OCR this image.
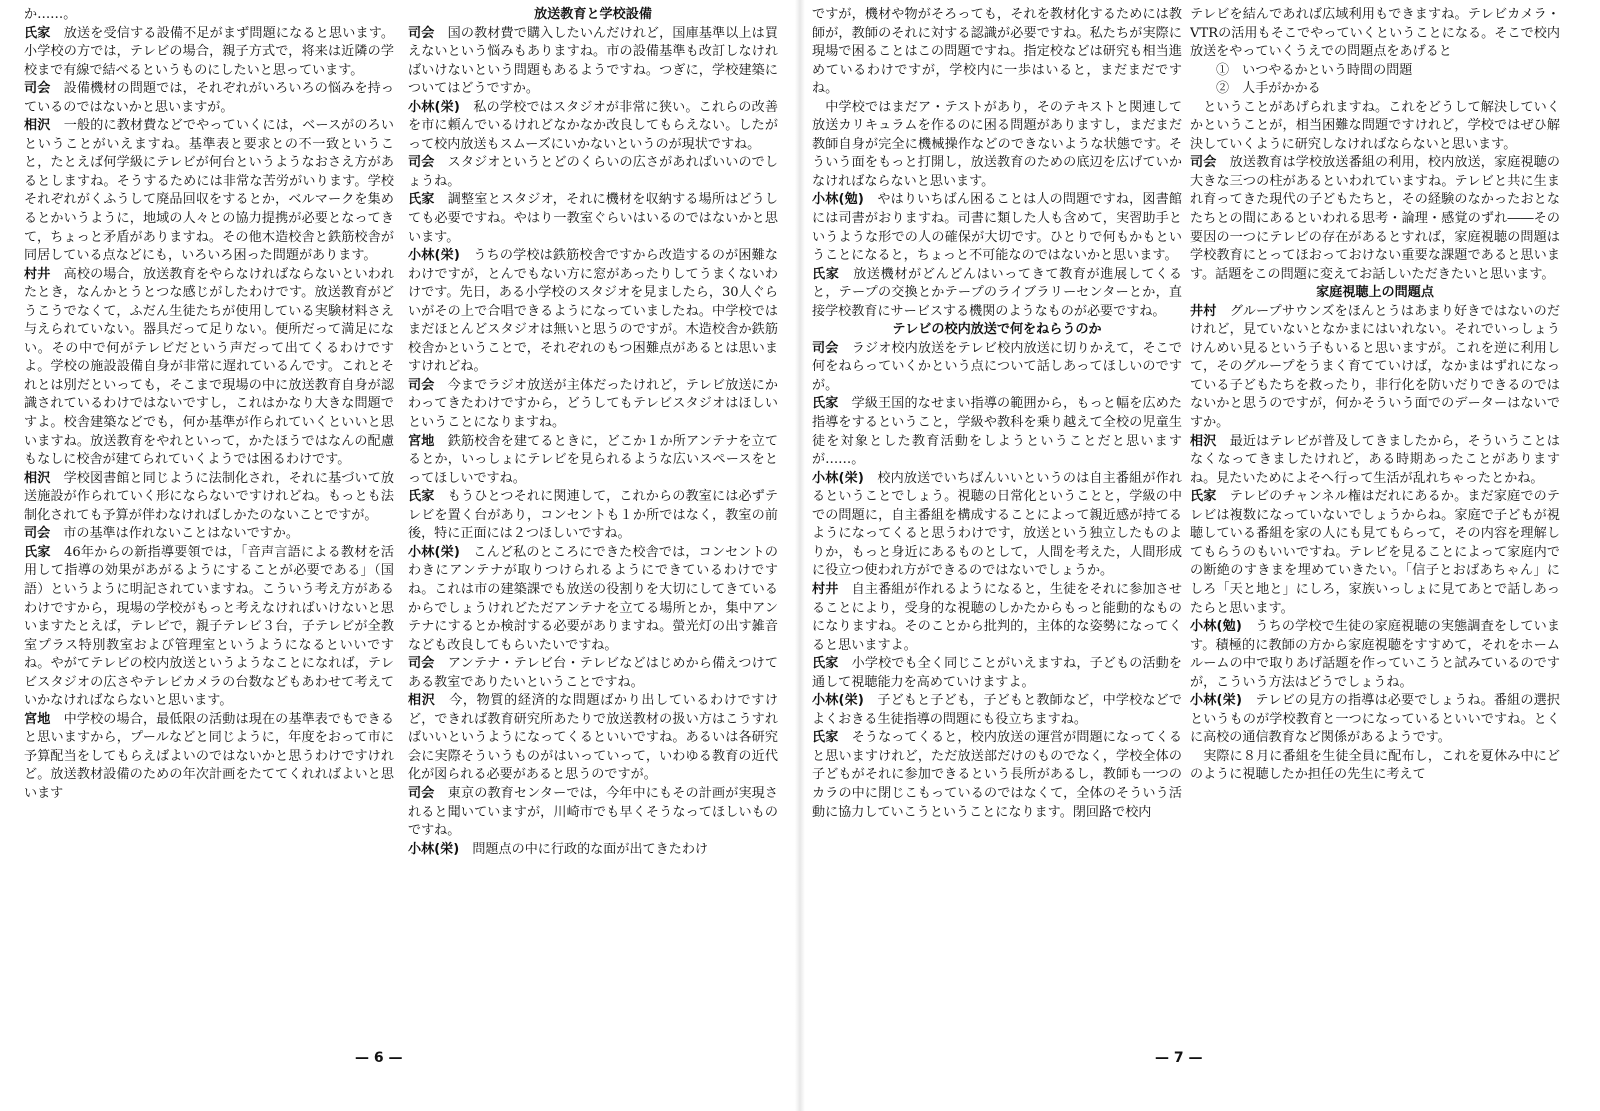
か……。

氏家　 放送を受信する設備不足がまず問題になると思います。小学校の方では，テレビの場合，親子方式で，将来は近隣の学校まで有線で結べるというものにしたいと思っています。

司会　 設備機材の問題では，それぞれがいろいろの悩みを持っているのではないかと思いますが。

相沢　 一般的に教材費などでやっていくには，ベースがのろいということがいえますね。基準表と要求との不一致ということ，たとえば何学級にテレビが何台というようなおさえ方があるとしますね。そうするためには非常な苦労がいります。学校それぞれがくふうして廃品回収をするとか，ベルマークを集めるとかいうように，地域の人々との協力提携が必要となってきて，ちょっと矛盾がありますね。その他木造校舎と鉄筋校舎が同居している点などにも，いろいろ困った問題があります。

村井　 高校の場合，放送教育をやらなければならないといわれたとき，なんかとうとつな感じがしたわけです。放送教育がどうこうでなくて，ふだん生徒たちが使用している実験材料さえ与えられていない。器具だって足りない。便所だって満足にない。その中で何がテレビだという声だって出てくるわけですよ。学校の施設設備自身が非常に遅れているんです。これとそれとは別だといっても，そこまで現場の中に放送教育自身が認識されているわけではないですし，これはかなり大きな問題ですよ。校舎建築などでも，何か基準が作られていくといいと思いますね。放送教育をやれといって，かたほうではなんの配慮もなしに校舎が建てられていくようでは困るわけです。

相沢　 学校図書館と同じように法制化され，それに基づいて放送施設が作られていく形にならないですけれどね。もっとも法制化されても予算が伴わなければしかたのないことですが。

司会　 市の基準は作れないことはないですか。

氏家　 46年からの新指導要領では，「音声言語による教材を活用して指導の効果があがるようにすることが必要である」（国語）というように明記されていますね。こういう考え方があるわけですから，現場の学校がもっと考えなければいけないと思いますたとえば，テレビで，親子テレビ３台，子テレビが全教室プラス特別教室および管理室というようになるといいですね。やがてテレビの校内放送というようなことになれば，テレビスタジオの広さやテレビカメラの台数などもあわせて考えていかなければならないと思います。

宮地　 中学校の場合，最低限の活動は現在の基準表でもできると思いますから，プールなどと同じように，年度をおって市に予算配当をしてもらえばよいのではないかと思うわけですけれど。放送教材設備のための年次計画をたててくれればよいと思います

放送教育と学校設備

司会　 国の教材費で購入したいんだけれど，国庫基準以上は買えないという悩みもありますね。市の設備基準も改訂しなければいけないという問題もあるようですね。つぎに，学校建築についてはどうですか。

小林(栄)　 私の学校ではスタジオが非常に狭い。これらの改善を市に頼んでいるけれどなかなか改良してもらえない。したがって校内放送もスムーズにいかないというのが現状ですね。

司会　 スタジオというとどのくらいの広さがあればいいのでしょうね。

氏家　 調整室とスタジオ，それに機材を収納する場所はどうしても必要ですね。やはり一教室ぐらいはいるのではないかと思います。

小林(栄)　 うちの学校は鉄筋校舎ですから改造するのが困難なわけですが，とんでもない方に窓があったりしてうまくないわけです。先日，ある小学校のスタジオを見ましたら，30人ぐらいがその上で合唱できるようになっていましたね。中学校ではまだほとんどスタジオは無いと思うのですが。木造校舎か鉄筋校舎かということで，それぞれのもつ困難点があるとは思いますけれどね。

司会　 今までラジオ放送が主体だったけれど，テレビ放送にかわってきたわけですから，どうしてもテレビスタジオはほしいということになりますね。

宮地　 鉄筋校舎を建てるときに，どこか１か所アンテナを立てるとか，いっしょにテレビを見られるような広いスペースをとってほしいですね。

氏家　 もうひとつそれに関連して，これからの教室には必ずテレビを置く台があり，コンセントも１か所ではなく，教室の前後，特に正面には２つほしいですね。

小林(栄)　 こんど私のところにできた校舎では，コンセントのわきにアンテナが取りつけられるようにできているわけですね。これは市の建築課でも放送の役割りを大切にしてきているからでしょうけれどただアンテナを立てる場所とか，集中アンテナにするとか検討する必要がありますね。螢光灯の出す雑音なども改良してもらいたいですね。

司会　 アンテナ・テレビ台・テレビなどはじめから備えつけてある教室でありたいということですね。

相沢　 今，物質的経済的な問題ばかり出しているわけですけど，できれば教育研究所あたりで放送教材の扱い方はこうすればいいというようになってくるといいですね。あるいは各研究会に実際そういうものがはいっていって，いわゆる教育の近代化が図られる必要があると思うのですが。

司会　 東京の教育センターでは，今年中にもその計画が実現されると聞いていますが，川崎市でも早くそうなってほしいものですね。

小林(栄)　 問題点の中に行政的な面が出てきたわけ

— 6 —

ですが，機材や物がそろっても，それを教材化するためには教師が，教師のそれに対する認識が必要ですね。私たちが実際に現場で困ることはこの問題ですね。指定校などは研究も相当進めているわけですが，学校内に一歩はいると，まだまだですね。

　中学校ではまだア・テストがあり，そのテキストと関連して放送カリキュラムを作るのに困る問題がありますし，まだまだ教師自身が完全に機械操作などのできないような状態です。そういう面をもっと打開し，放送教育のための底辺を広げていかなければならないと思います。

小林(勉)　 やはりいちばん困ることは人の問題ですね，図書館には司書がおりますね。司書に類した人も含めて，実習助手というような形での人の確保が大切です。ひとりで何もかもということになると，ちょっと不可能なのではないかと思います。

氏家　 放送機材がどんどんはいってきて教育が進展してくると，テープの交換とかテープのライブラリーセンターとか，直接学校教育にサービスする機関のようなものが必要ですね。

テレビの校内放送で何をねらうのか

司会　 ラジオ校内放送をテレビ校内放送に切りかえて，そこで何をねらっていくかという点について話しあってほしいのですが。

氏家　 学級王国的なせまい指導の範囲から，もっと幅を広めた指導をするということ，学級や教科を乗り越えて全校の児童生徒を対象とした教育活動をしようということだと思いますが……。

小林(栄)　 校内放送でいちばんいいというのは自主番組が作れるということでしょう。視聴の日常化ということと，学級の中での問題に，自主番組を構成することによって親近感が持てるようになってくると思うわけです，放送という独立したものよりか，もっと身近にあるものとして，人間を考えた，人間形成に役立つ使われ方ができるのではないでしょうか。

村井　 自主番組が作れるようになると，生徒をそれに参加させることにより，受身的な視聴のしかたからもっと能動的なものになりますね。そのことから批判的，主体的な姿勢になってくると思いますよ。

氏家　 小学校でも全く同じことがいえますね，子どもの活動を通して視聴能力を高めていけますよ。

小林(栄)　 子どもと子ども，子どもと教師など，中学校などでよくおきる生徒指導の問題にも役立ちますね。

氏家　 そうなってくると，校内放送の運営が問題になってくると思いますけれど，ただ放送部だけのものでなく，学校全体の子どもがそれに参加できるという長所があるし，教師も一つのカラの中に閉じこもっているのではなくて，全体のそういう活動に協力していこうということになります。閉回路で校内

テレビを結んであれば広域利用もできますね。テレビカメラ・VTRの活用もそこでやっていくということになる。そこで校内放送をやっていくうえでの問題点をあげると

①　いつやるかという時間の問題

②　人手がかかる

　ということがあげられますね。これをどうして解決していくかということが，相当困難な問題ですけれど，学校ではぜひ解決していくように研究しなければならないと思います。

司会　 放送教育は学校放送番組の利用，校内放送，家庭視聴の大きな三つの柱があるといわれていますね。テレビと共に生まれ育ってきた現代の子どもたちと，その経験のなかったおとなたちとの間にあるといわれる思考・論理・感覚のずれ――その要因の一つにテレビの存在があるとすれば，家庭視聴の問題は学校教育にとってほおっておけない重要な課題であると思います。話題をこの問題に変えてお話しいただきたいと思います。

家庭視聴上の問題点

井村　 グループサウンズをほんとうはあまり好きではないのだけれど，見ていないとなかまにはいれない。それでいっしょうけんめい見るという子もいると思いますが。これを逆に利用して，そのグループをうまく育てていけば，なかまはずれになっている子どもたちを救ったり，非行化を防いだりできるのではないかと思うのですが，何かそういう面でのデーターはないですか。

相沢　 最近はテレビが普及してきましたから，そういうことはなくなってきましたけれど，ある時期あったことがありますね。見たいためによそへ行って生活が乱れちゃったとかね。

氏家　 テレビのチャンネル権はだれにあるか。まだ家庭でのテレビは複数になっていないでしょうからね。家庭で子どもが視聴している番組を家の人にも見てもらって，その内容を理解してもらうのもいいですね。テレビを見ることによって家庭内での断絶のすきまを埋めていきたい。「信子とおばあちゃん」にしろ「天と地と」にしろ，家族いっしょに見てあとで話しあったらと思います。

小林(勉)　 うちの学校で生徒の家庭視聴の実態調査をしています。積極的に教師の方から家庭視聴をすすめて，それをホームルームの中で取りあげ話題を作っていこうと試みているのですが，こういう方法はどうでしょうね。

小林(栄)　 テレビの見方の指導は必要でしょうね。番組の選択というものが学校教育と一つになっているといいですね。とくに高校の通信教育など関係があるようです。

　実際に８月に番組を生徒全員に配布し，これを夏休み中にどのように視聴したか担任の先生に考えて

— 7 —
